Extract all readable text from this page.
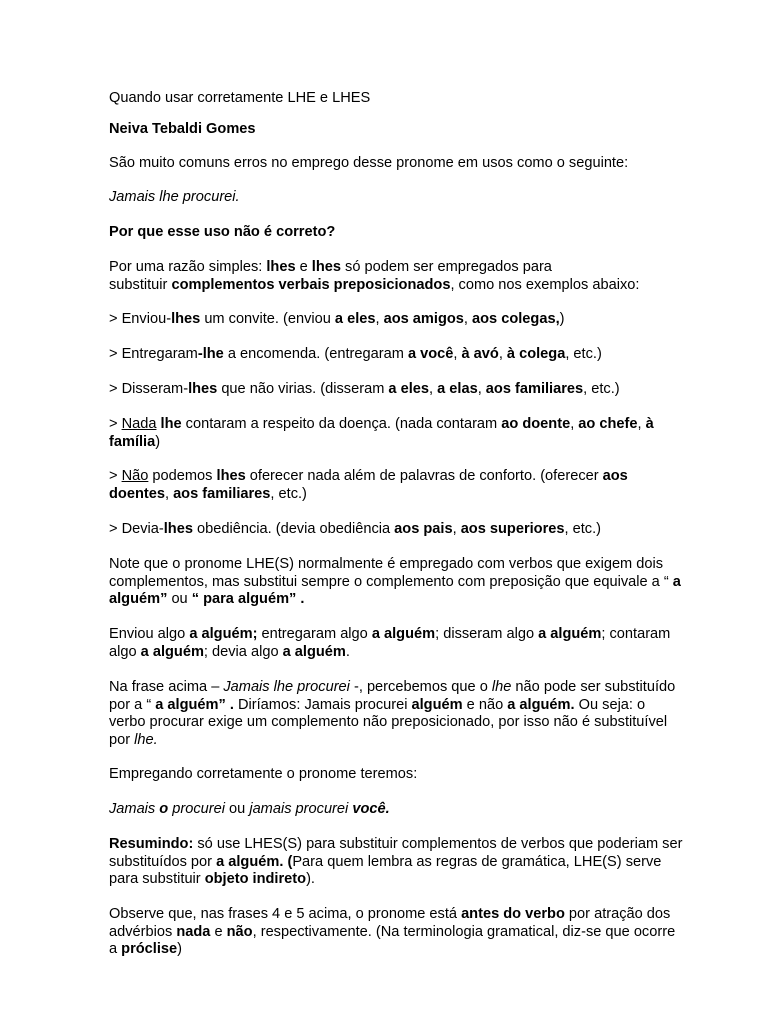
Quando usar corretamente LHE e LHES

Neiva Tebaldi Gomes

São muito comuns erros no emprego desse pronome em usos como o seguinte:

Jamais lhe procurei.

Por que esse uso não é correto?

Por uma razão simples: lhes e lhes só podem ser empregados para
substituir complementos verbais preposicionados, como nos exemplos abaixo:

> Enviou-lhes um convite. (enviou a eles, aos amigos, aos colegas,)

> Entregaram-lhe a encomenda. (entregaram a você, à avó, à colega, etc.)

> Disseram-lhes que não virias. (disseram a eles, a elas, aos familiares, etc.)

> Nada lhe contaram a respeito da doença. (nada contaram ao doente, ao chefe, à
família)

> Não podemos lhes oferecer nada além de palavras de conforto. (oferecer aos
doentes, aos familiares, etc.)

> Devia-lhes obediência. (devia obediência aos pais, aos superiores, etc.)

Note que o pronome LHE(S) normalmente é empregado com verbos que exigem dois
complementos, mas substitui sempre o complemento com preposição que equivale a “ a
alguém” ou “ para alguém” .

Enviou algo a alguém; entregaram algo a alguém; disseram algo a alguém; contaram
algo a alguém; devia algo a alguém.

Na frase acima – Jamais lhe procurei -, percebemos que o lhe não pode ser substituído
por a “ a alguém” . Diríamos: Jamais procurei alguém e não a alguém. Ou seja: o
verbo procurar exige um complemento não preposicionado, por isso não é substituível
por lhe.

Empregando corretamente o pronome teremos:

Jamais o procurei ou jamais procurei você.

Resumindo: só use LHES(S) para substituir complementos de verbos que poderiam ser
substituídos por a alguém. (Para quem lembra as regras de gramática, LHE(S) serve
para substituir objeto indireto).

Observe que, nas frases 4 e 5 acima, o pronome está antes do verbo por atração dos
advérbios nada e não, respectivamente. (Na terminologia gramatical, diz-se que ocorre
a próclise)
